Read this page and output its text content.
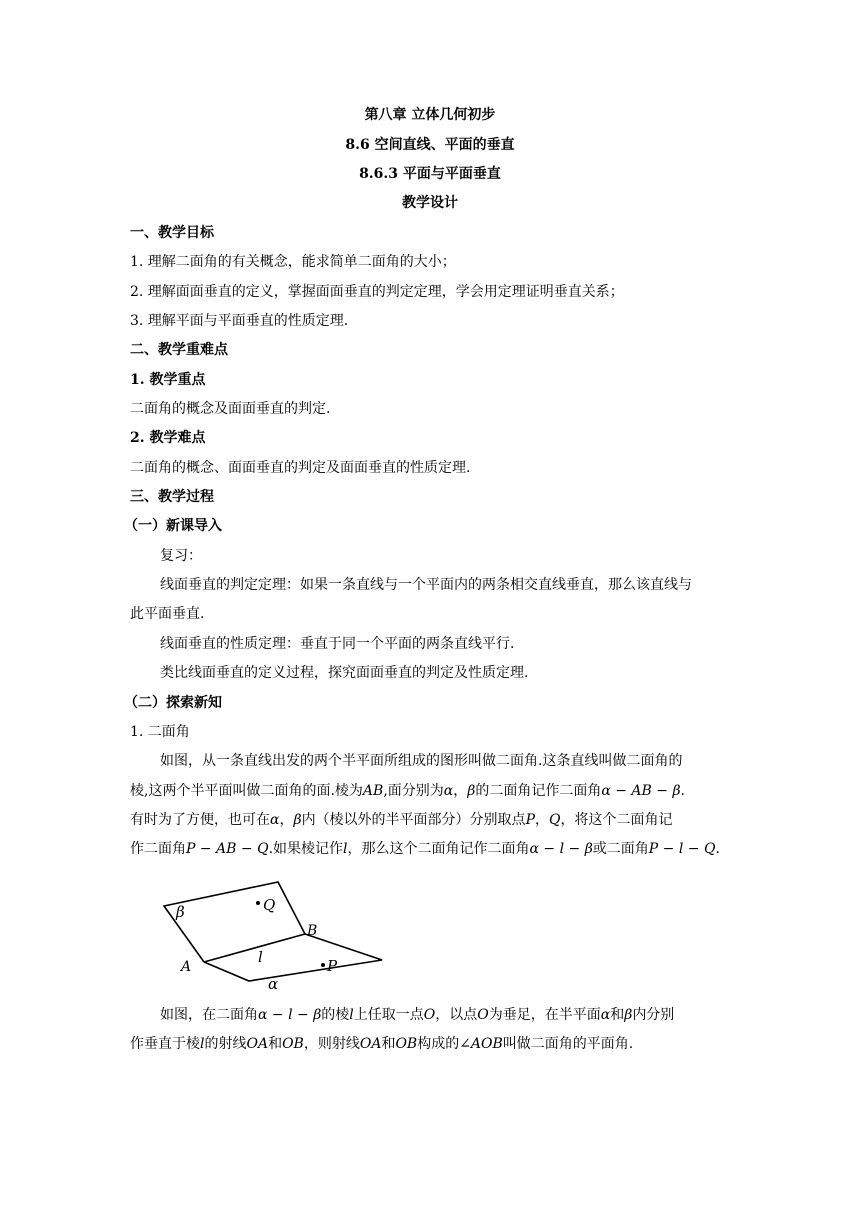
第八章 立体几何初步
8.6 空间直线、平面的垂直
8.6.3 平面与平面垂直
教学设计
一、教学目标
1. 理解二面角的有关概念，能求简单二面角的大小；
2. 理解面面垂直的定义，掌握面面垂直的判定定理，学会用定理证明垂直关系；
3. 理解平面与平面垂直的性质定理.
二、教学重难点
1. 教学重点
二面角的概念及面面垂直的判定.
2. 教学难点
二面角的概念、面面垂直的判定及面面垂直的性质定理.
三、教学过程
（一）新课导入
复习：
线面垂直的判定定理：如果一条直线与一个平面内的两条相交直线垂直，那么该直线与
此平面垂直.
线面垂直的性质定理：垂直于同一个平面的两条直线平行.
类比线面垂直的定义过程，探究面面垂直的判定及性质定理.
（二）探索新知
1. 二面角
如图，从一条直线出发的两个半平面所组成的图形叫做二面角.这条直线叫做二面角的
棱,这两个半平面叫做二面角的面.棱为AB,面分别为α，β的二面角记作二面角α − AB − β.
有时为了方便，也可在α，β内（棱以外的半平面部分）分别取点P，Q，将这个二面角记
作二面角P − AB − Q.如果棱记作l，那么这个二面角记作二面角α − l − β或二面角P − l − Q.
β	Q
B
l	P
A
α
如图，在二面角α − l − β的棱l上任取一点O，以点O为垂足，在半平面α和β内分别
作垂直于棱l的射线OA和OB，则射线OA和OB构成的∠AOB叫做二面角的平面角.
